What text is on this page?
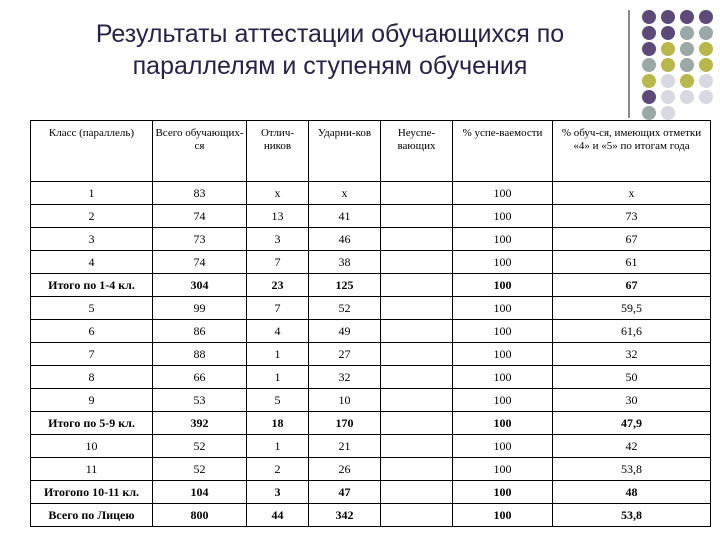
Результаты аттестации обучающихся по
параллелям и ступеням обучения
Класс (параллель)	Всего обучающих-ся	Отлич-ников	Ударни-ков	Неуспе-вающих	% успе-ваемости	% обуч-ся, имеющих отметки «4» и «5» по итогам года
1	83	х	х		100	х
2	74	13	41		100	73
3	73	3	46		100	67
4	74	7	38		100	61
Итого по 1-4 кл.	304	23	125		100	67
5	99	7	52		100	59,5
6	86	4	49		100	61,6
7	88	1	27		100	32
8	66	1	32		100	50
9	53	5	10		100	30
Итого по 5-9 кл.	392	18	170		100	47,9
10	52	1	21		100	42
11	52	2	26		100	53,8
Итогопо 10-11 кл.	104	3	47		100	48
Всего по Лицею	800	44	342		100	53,8
